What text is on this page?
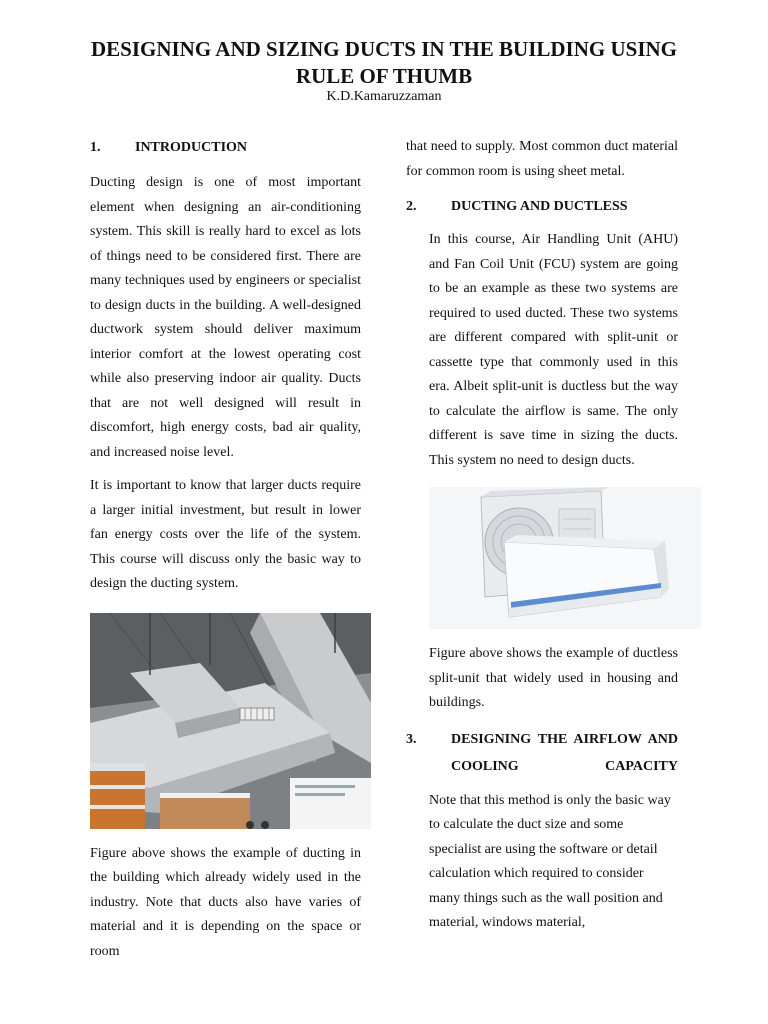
DESIGNING AND SIZING DUCTS IN THE BUILDING USING RULE OF THUMB
K.D.Kamaruzzaman
1.	INTRODUCTION

Ducting design is one of most important element when designing an air-conditioning system. This skill is really hard to excel as lots of things need to be considered first. There are many techniques used by engineers or specialist to design ducts in the building. A well-designed ductwork system should deliver maximum interior comfort at the lowest operating cost while also preserving indoor air quality. Ducts that are not well designed will result in discomfort, high energy costs, bad air quality, and increased noise level.

It is important to know that larger ducts require a larger initial investment, but result in lower fan energy costs over the life of the system. This course will discuss only the basic way to design the ducting system.

Figure above shows the example of ducting in the building which already widely used in the industry. Note that ducts also have varies of material and it is depending on the space or room

that need to supply. Most common duct material for common room is using sheet metal.

2.	DUCTING AND DUCTLESS

In this course, Air Handling Unit (AHU) and Fan Coil Unit (FCU) system are going to be an example as these two systems are required to used ducted. These two systems are different compared with split-unit or cassette type that commonly used in this era. Albeit split-unit is ductless but the way to calculate the airflow is same. The only different is save time in sizing the ducts. This system no need to design ducts.

Figure above shows the example of ductless split-unit that widely used in housing and buildings.

3.	DESIGNING THE AIRFLOW AND COOLING CAPACITY

Note that this method is only the basic way to calculate the duct size and some specialist are using the software or detail calculation which required to consider many things such as the wall position and material, windows material,
